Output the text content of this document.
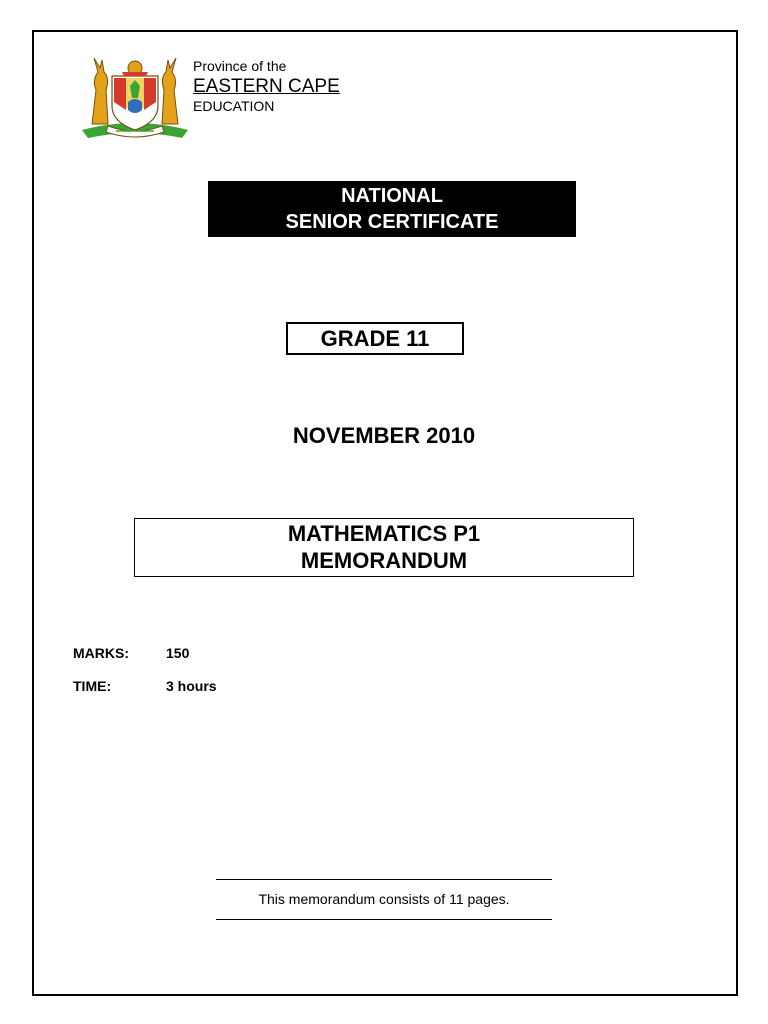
Province of the
EASTERN CAPE
EDUCATION
NATIONAL
SENIOR CERTIFICATE
GRADE 11
NOVEMBER 2010
MATHEMATICS P1
MEMORANDUM
MARKS:	150
TIME:	3 hours
This memorandum consists of 11 pages.
